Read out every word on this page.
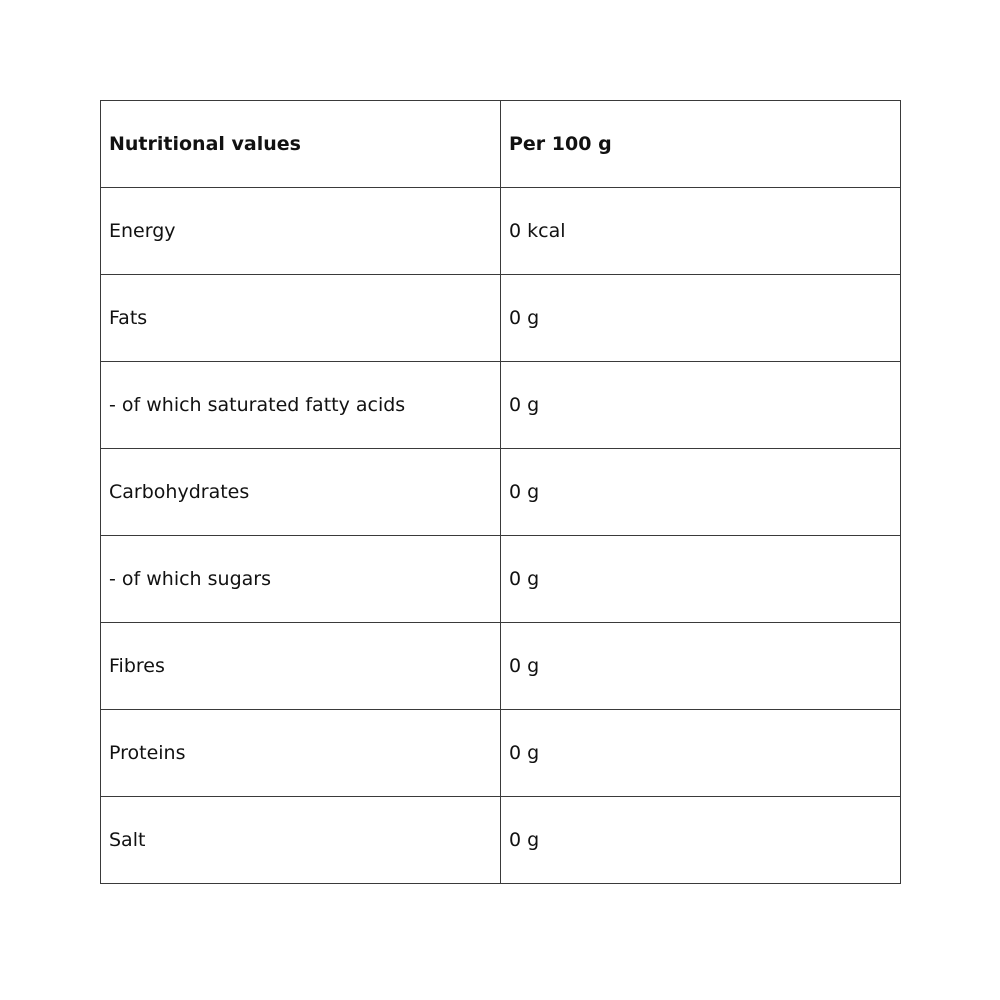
Nutritional values	Per 100 g
Energy	0 kcal
Fats	0 g
- of which saturated fatty acids	0 g
Carbohydrates	0 g
- of which sugars	0 g
Fibres	0 g
Proteins	0 g
Salt	0 g
